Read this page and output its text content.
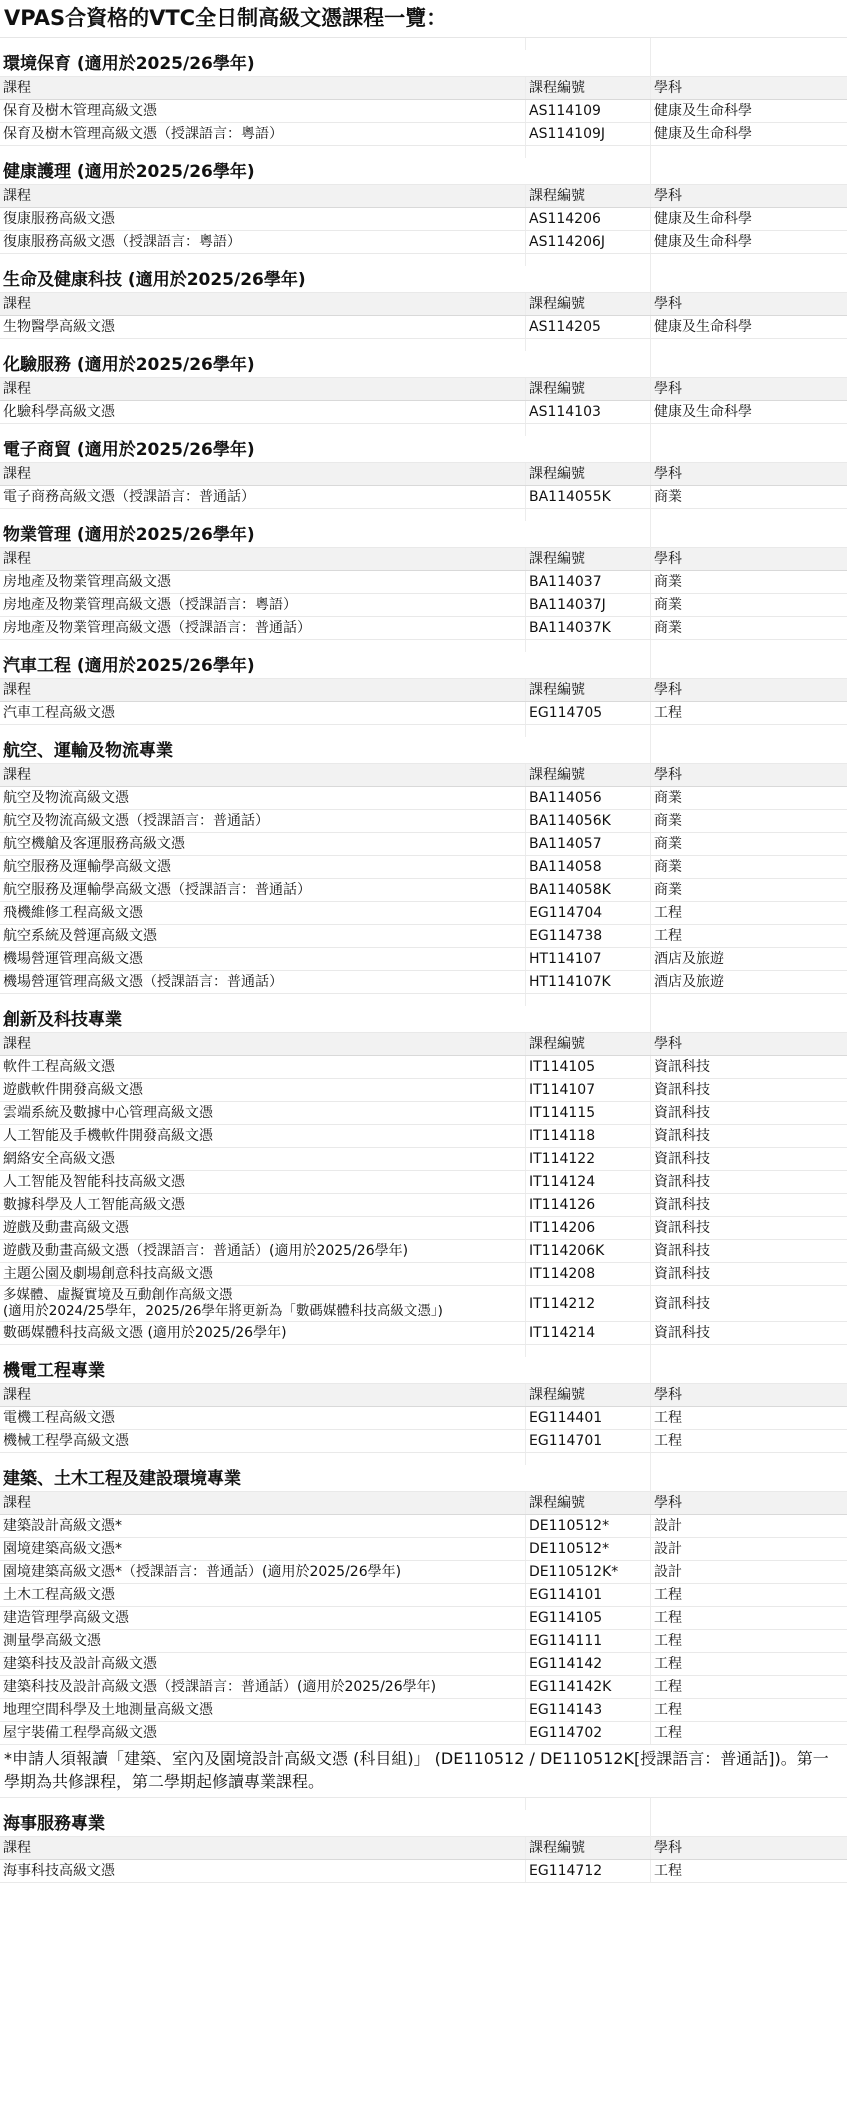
VPAS合資格的VTC全日制高級文憑課程一覽：
環境保育 (適用於2025/26學年)
課程	課程編號	學科
保育及樹木管理高級文憑	AS114109	健康及生命科學
保育及樹木管理高級文憑（授課語言：粵語）	AS114109J	健康及生命科學
健康護理 (適用於2025/26學年)
課程	課程編號	學科
復康服務高級文憑	AS114206	健康及生命科學
復康服務高級文憑（授課語言：粵語）	AS114206J	健康及生命科學
生命及健康科技 (適用於2025/26學年)
課程	課程編號	學科
生物醫學高級文憑	AS114205	健康及生命科學
化驗服務 (適用於2025/26學年)
課程	課程編號	學科
化驗科學高級文憑	AS114103	健康及生命科學
電子商貿 (適用於2025/26學年)
課程	課程編號	學科
電子商務高級文憑（授課語言：普通話）	BA114055K	商業
物業管理 (適用於2025/26學年)
課程	課程編號	學科
房地產及物業管理高級文憑	BA114037	商業
房地產及物業管理高級文憑（授課語言：粵語）	BA114037J	商業
房地產及物業管理高級文憑（授課語言：普通話）	BA114037K	商業
汽車工程 (適用於2025/26學年)
課程	課程編號	學科
汽車工程高級文憑	EG114705	工程
航空、運輸及物流專業
課程	課程編號	學科
航空及物流高級文憑	BA114056	商業
航空及物流高級文憑（授課語言：普通話）	BA114056K	商業
航空機艙及客運服務高級文憑	BA114057	商業
航空服務及運輸學高級文憑	BA114058	商業
航空服務及運輸學高級文憑（授課語言：普通話）	BA114058K	商業
飛機維修工程高級文憑	EG114704	工程
航空系統及營運高級文憑	EG114738	工程
機場營運管理高級文憑	HT114107	酒店及旅遊
機場營運管理高級文憑（授課語言：普通話）	HT114107K	酒店及旅遊
創新及科技專業
課程	課程編號	學科
軟件工程高級文憑	IT114105	資訊科技
遊戲軟件開發高級文憑	IT114107	資訊科技
雲端系統及數據中心管理高級文憑	IT114115	資訊科技
人工智能及手機軟件開發高級文憑	IT114118	資訊科技
網絡安全高級文憑	IT114122	資訊科技
人工智能及智能科技高級文憑	IT114124	資訊科技
數據科學及人工智能高級文憑	IT114126	資訊科技
遊戲及動畫高級文憑	IT114206	資訊科技
遊戲及動畫高級文憑（授課語言：普通話）(適用於2025/26學年)	IT114206K	資訊科技
主題公園及劇場創意科技高級文憑	IT114208	資訊科技
多媒體、虛擬實境及互動創作高級文憑
(適用於2024/25學年，2025/26學年將更新為「數碼媒體科技高級文憑」)	IT114212	資訊科技
數碼媒體科技高級文憑 (適用於2025/26學年)	IT114214	資訊科技
機電工程專業
課程	課程編號	學科
電機工程高級文憑	EG114401	工程
機械工程學高級文憑	EG114701	工程
建築、土木工程及建設環境專業
課程	課程編號	學科
建築設計高級文憑*	DE110512*	設計
園境建築高級文憑*	DE110512*	設計
園境建築高級文憑*（授課語言：普通話）(適用於2025/26學年)	DE110512K*	設計
土木工程高級文憑	EG114101	工程
建造管理學高級文憑	EG114105	工程
測量學高級文憑	EG114111	工程
建築科技及設計高級文憑	EG114142	工程
建築科技及設計高級文憑（授課語言：普通話）(適用於2025/26學年)	EG114142K	工程
地理空間科學及土地測量高級文憑	EG114143	工程
屋宇裝備工程學高級文憑	EG114702	工程
*申請人須報讀「建築、室內及園境設計高級文憑 (科目組)」 (DE110512 / DE110512K[授課語言：普通話])。第一學期為共修課程，第二學期起修讀專業課程。
海事服務專業
課程	課程編號	學科
海事科技高級文憑	EG114712	工程
